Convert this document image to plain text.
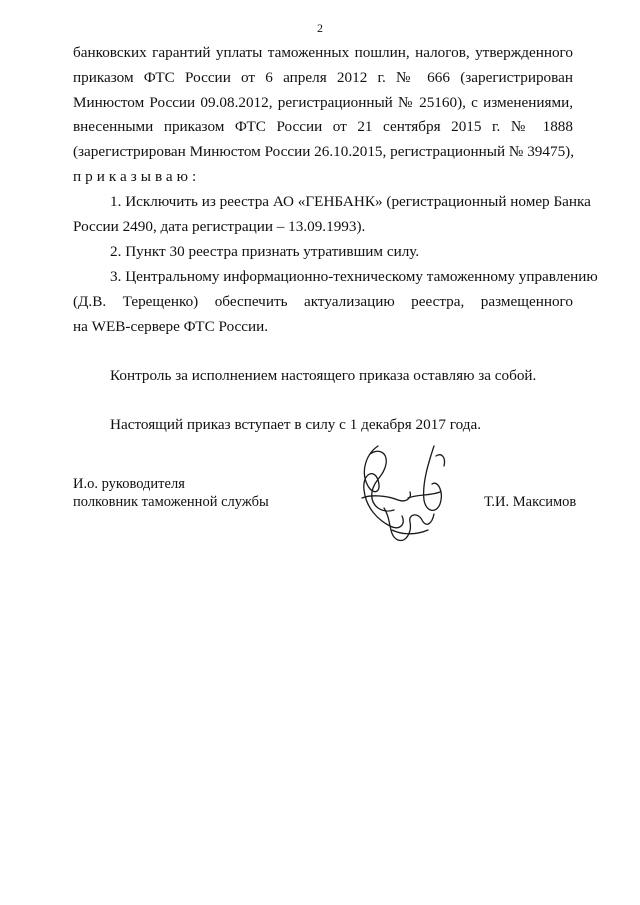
2
банковских гарантий уплаты таможенных пошлин, налогов, утвержденного
приказом ФТС России от 6 апреля 2012 г. № 666 (зарегистрирован
Минюстом России 09.08.2012, регистрационный № 25160), с изменениями,
внесенными приказом ФТС России от 21 сентября 2015 г. № 1888
(зарегистрирован Минюстом России 26.10.2015, регистрационный № 39475),
приказываю:
1. Исключить из реестра АО «ГЕНБАНК» (регистрационный номер Банка
России 2490, дата регистрации – 13.09.1993).
2. Пункт 30 реестра признать утратившим силу.
3. Центральному информационно-техническому таможенному управлению
(Д.В. Терещенко) обеспечить актуализацию реестра, размещенного
на WEB-сервере ФТС России.
Контроль за исполнением настоящего приказа оставляю за собой.
Настоящий приказ вступает в силу с 1 декабря 2017 года.
И.о. руководителя
полковник таможенной службы	Т.И. Максимов
